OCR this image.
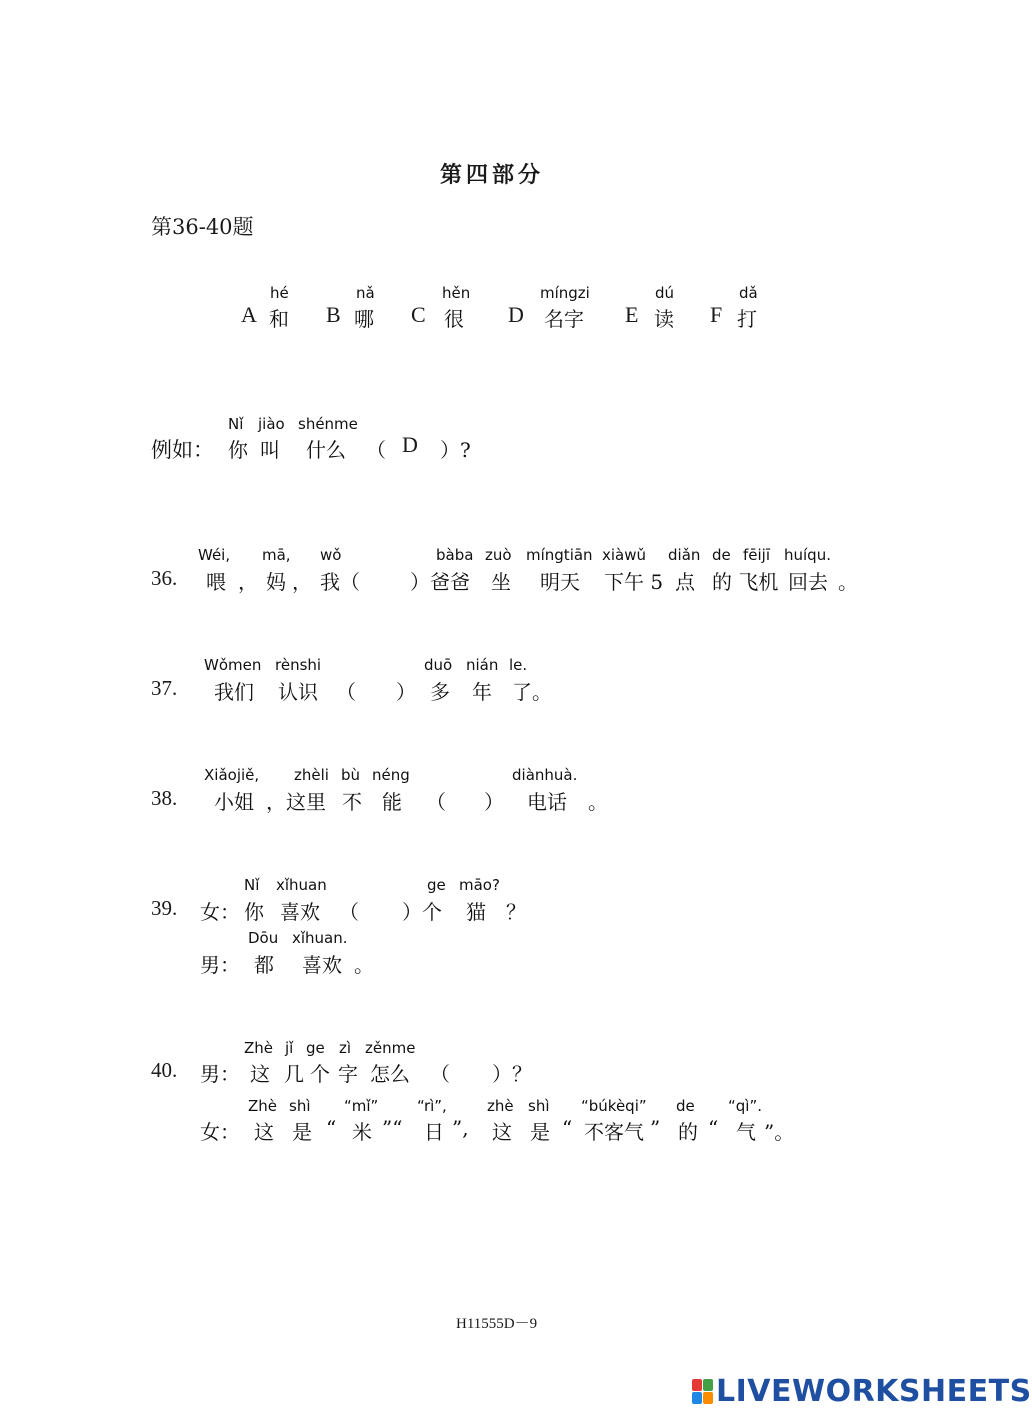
第四部分
第36-40题
hé
A 和
nǎ
B 哪
hěn
C 很
míngzi
D 名字
dú
E 读
dǎ
F 打
Nǐ jiào shénme
例如： 你 叫 什么 （ D ）?
Wéi, mā, wǒ	bàba zuò míngtiān xiàwǔ diǎn de fēijī huíqu.
36. 喂 ， 妈 ， 我（	）爸爸 坐 明天 下午 5 点 的 飞机 回去 。
Wǒmen rènshi	duō nián le.
37. 我们 认识 （ ） 多 年 了。
Xiǎojiě, zhèli bù néng	diànhuà.
38. 小姐 ，这里 不 能 （ ） 电话 。
Nǐ xǐhuan	ge māo?
39. 女： 你 喜欢 （ ）个 猫 ？
Dōu xǐhuan.
男： 都 喜欢 。
Zhè jǐ ge zì zěnme
40. 男： 这 几 个 字 怎么 （ ）？
Zhè shì “mǐ”	“rì”,	zhè shì “búkèqi” de “qì”.
女： 这 是 “ 米 ”“ 日 ”, 这 是 “ 不客气 ” 的 “ 气 ”。
H11555D－9
LIVEWORKSHEETS
